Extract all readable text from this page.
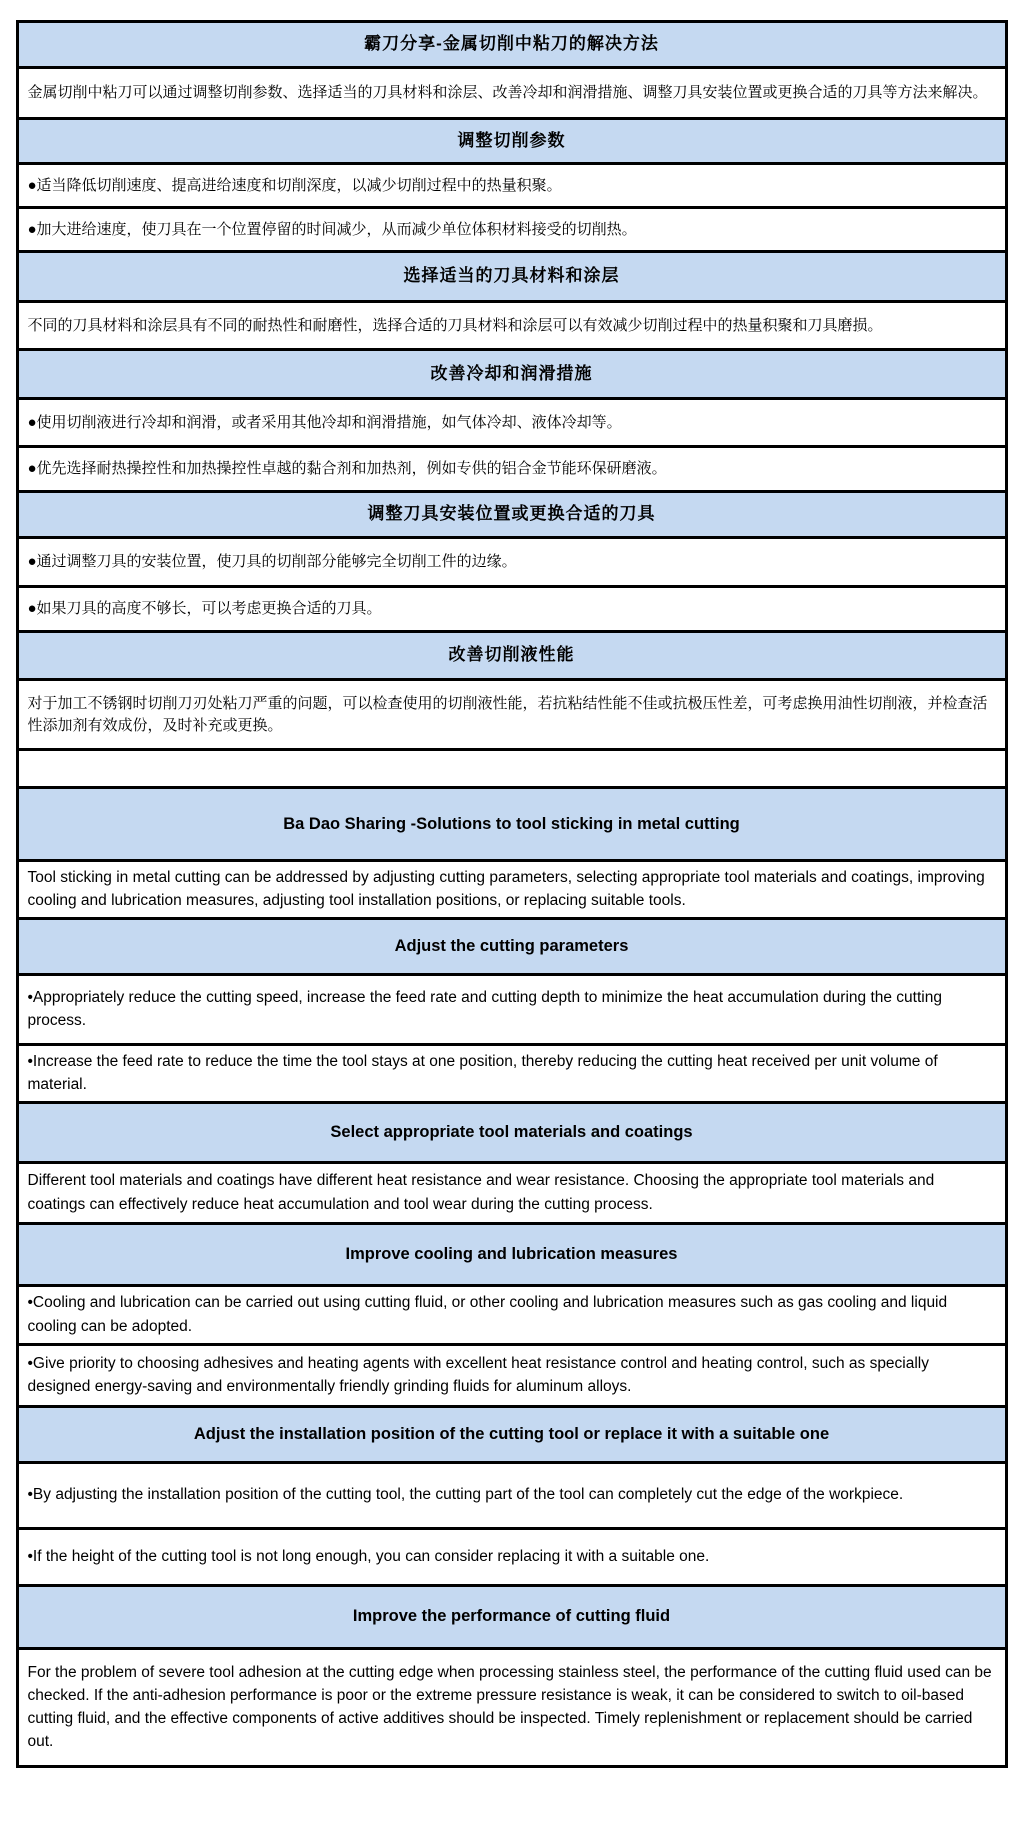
霸刀分享-金属切削中粘刀的解决方法
金属切削中粘刀可以通过调整切削参数、选择适当的刀具材料和涂层、改善冷却和润滑措施、调整刀具安装位置或更换合适的刀具等方法来解决。
调整切削参数
●适当降低切削速度、提高进给速度和切削深度，以减少切削过程中的热量积聚。
●加大进给速度，使刀具在一个位置停留的时间减少，从而减少单位体积材料接受的切削热。
选择适当的刀具材料和涂层
不同的刀具材料和涂层具有不同的耐热性和耐磨性，选择合适的刀具材料和涂层可以有效减少切削过程中的热量积聚和刀具磨损。
改善冷却和润滑措施
●使用切削液进行冷却和润滑，或者采用其他冷却和润滑措施，如气体冷却、液体冷却等。
●优先选择耐热操控性和加热操控性卓越的黏合剂和加热剂，例如专供的铝合金节能环保研磨液。
调整刀具安装位置或更换合适的刀具
●通过调整刀具的安装位置，使刀具的切削部分能够完全切削工件的边缘。
●如果刀具的高度不够长，可以考虑更换合适的刀具。
改善切削液性能
对于加工不锈钢时切削刀刃处粘刀严重的问题，可以检查使用的切削液性能，若抗粘结性能不佳或抗极压性差，可考虑换用油性切削液，并检查活性添加剂有效成份，及时补充或更换。
Ba Dao Sharing -Solutions to tool sticking in metal cutting
Tool sticking in metal cutting can be addressed by adjusting cutting parameters, selecting appropriate tool materials and coatings, improving cooling and lubrication measures, adjusting tool installation positions, or replacing suitable tools.
Adjust the cutting parameters
•Appropriately reduce the cutting speed, increase the feed rate and cutting depth to minimize the heat accumulation during the cutting process.
•Increase the feed rate to reduce the time the tool stays at one position, thereby reducing the cutting heat received per unit volume of material.
Select appropriate tool materials and coatings
Different tool materials and coatings have different heat resistance and wear resistance. Choosing the appropriate tool materials and coatings can effectively reduce heat accumulation and tool wear during the cutting process.
Improve cooling and lubrication measures
•Cooling and lubrication can be carried out using cutting fluid, or other cooling and lubrication measures such as gas cooling and liquid cooling can be adopted.
•Give priority to choosing adhesives and heating agents with excellent heat resistance control and heating control, such as specially designed energy-saving and environmentally friendly grinding fluids for aluminum alloys.
Adjust the installation position of the cutting tool or replace it with a suitable one
•By adjusting the installation position of the cutting tool, the cutting part of the tool can completely cut the edge of the workpiece.
•If the height of the cutting tool is not long enough, you can consider replacing it with a suitable one.
Improve the performance of cutting fluid
For the problem of severe tool adhesion at the cutting edge when processing stainless steel, the performance of the cutting fluid used can be checked. If the anti-adhesion performance is poor or the extreme pressure resistance is weak, it can be considered to switch to oil-based cutting fluid, and the effective components of active additives should be inspected. Timely replenishment or replacement should be carried out.
